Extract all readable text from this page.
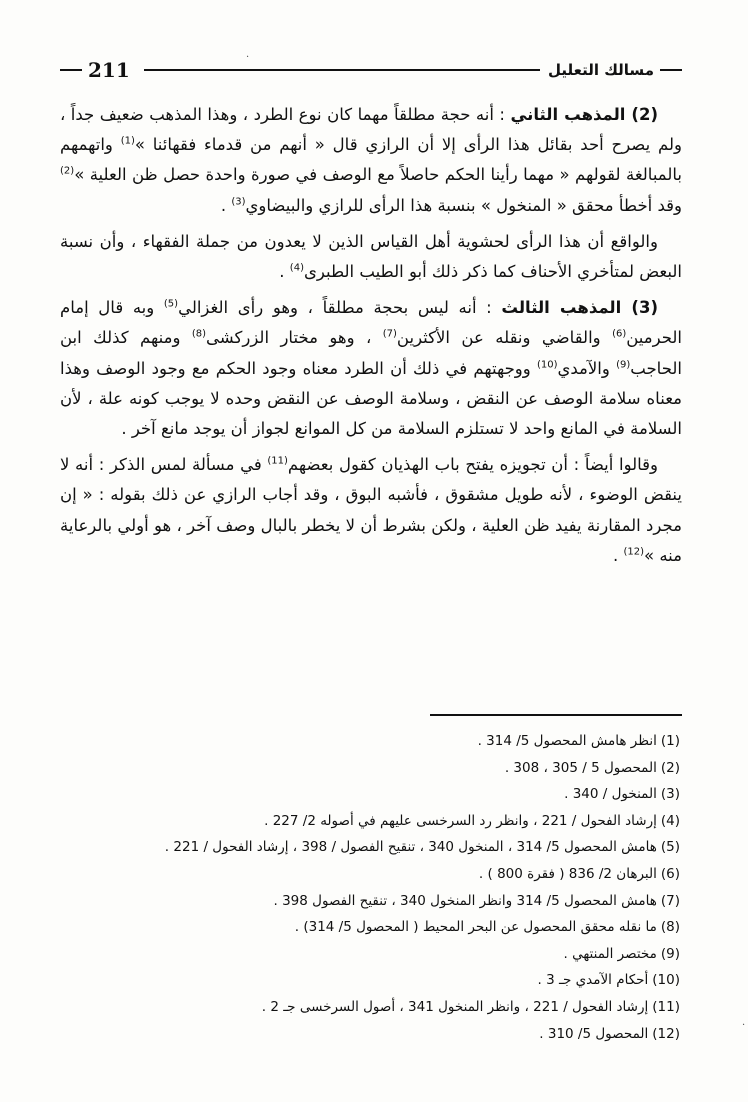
211	مسالك التعليل

(2) المذهب الثاني : أنه حجة مطلقاً مهما كان نوع الطرد ، وهذا المذهب ضعيف جداً ، ولم يصرح أحد بقائل هذا الرأى إلا أن الرازي قال « أنهم من قدماء فقهائنا »$^{(1)}$ واتهمهم بالمبالغة لقولهم « مهما رأينا الحكم حاصلاً مع الوصف في صورة واحدة حصل ظن العلية »$^{(2)}$ وقد أخطأ محقق « المنخول » بنسبة هذا الرأى للرازي والبيضاوي$^{(3)}$ .

والواقع أن هذا الرأى لحشوية أهل القياس الذين لا يعدون من جملة الفقهاء ، وأن نسبة البعض لمتأخري الأحناف كما ذكر ذلك أبو الطيب الطبرى$^{(4)}$ .

(3) المذهب الثالث : أنه ليس بحجة مطلقاً ، وهو رأى الغزالي$^{(5)}$ وبه قال إمام الحرمين$^{(6)}$ والقاضي ونقله عن الأكثرين$^{(7)}$ ، وهو مختار الزركشى$^{(8)}$ ومنهم كذلك ابن الحاجب$^{(9)}$ والآمدي$^{(10)}$ ووجهتهم في ذلك أن الطرد معناه وجود الحكم مع وجود الوصف وهذا معناه سلامة الوصف عن النقض ، وسلامة الوصف عن النقض وحده لا يوجب كونه علة ، لأن السلامة في المانع واحد لا تستلزم السلامة من كل الموانع لجواز أن يوجد مانع آخر .

وقالوا أيضاً : أن تجويزه يفتح باب الهذيان كقول بعضهم$^{(11)}$ في مسألة لمس الذكر : أنه لا ينقض الوضوء ، لأنه طويل مشقوق ، فأشبه البوق ، وقد أجاب الرازي عن ذلك بقوله : « إن مجرد المقارنة يفيد ظن العلية ، ولكن بشرط أن لا يخطر بالبال وصف آخر ، هو أولي بالرعاية منه »$^{(12)}$ .

(1)انظر هامش المحصول 5/ 314 .
(2)المحصول 5 / 305 ، 308 .
(3)المنخول / 340 .
(4)إرشاد الفحول / 221 ، وانظر رد السرخسى عليهم في أصوله 2/ 227 .
(5)هامش المحصول 5/ 314 ، المنخول 340 ، تنقيح الفصول / 398 ، إرشاد الفحول / 221 .
(6)البرهان 2/ 836 ( فقرة 800 ) .
(7)هامش المحصول 5/ 314 وانظر المنخول 340 ، تنقيح الفصول 398 .
(8)ما نقله محقق المحصول عن البحر المحيط ( المحصول 5/ 314) .
(9)مختصر المنتهي .
(10)أحكام الآمدي جـ 3 .
(11)إرشاد الفحول / 221 ، وانظر المنخول 341 ، أصول السرخسى جـ 2 .
(12)المحصول 5/ 310 .
·
·
